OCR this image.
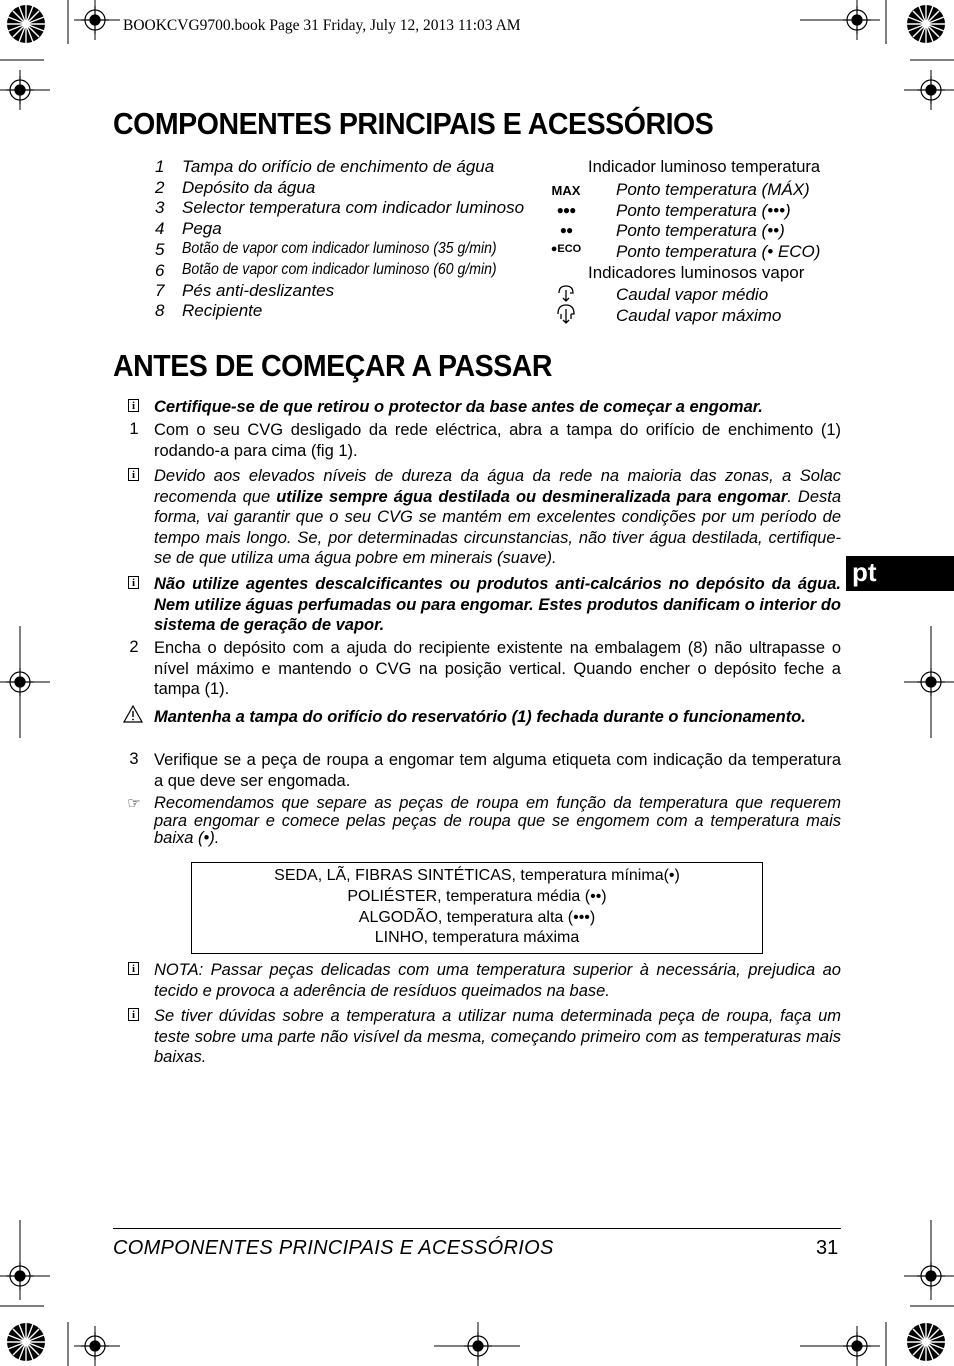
BOOKCVG9700.book Page 31 Friday, July 12, 2013 11:03 AM
COMPONENTES PRINCIPAIS E ACESSÓRIOS
1	Tampa do orifício de enchimento de água
2	Depósito da água
3	Selector temperatura com indicador luminoso
4	Pega
5	Botão de vapor com indicador luminoso (35 g/min)
6	Botão de vapor com indicador luminoso (60 g/min)
7	Pés anti-deslizantes
8	Recipiente
Indicador luminoso temperatura
MAX	Ponto temperatura (MÁX)
●●●	Ponto temperatura (•••)
●●	Ponto temperatura (••)
●ECO Ponto temperatura (• ECO)
Indicadores luminosos vapor
Caudal vapor médio
Caudal vapor máximo
ANTES DE COMEÇAR A PASSAR
i Certifique-se de que retirou o protector da base antes de começar a engomar.
1 Com o seu CVG desligado da rede eléctrica, abra a tampa do orifício de enchimento (1) rodando-a para cima (fig 1).
i Devido aos elevados níveis de dureza da água da rede na maioria das zonas, a Solac recomenda que utilize sempre água destilada ou desmineralizada para engomar. Desta forma, vai garantir que o seu CVG se mantém em excelentes condições por um período de tempo mais longo. Se, por determinadas circunstancias, não tiver água destilada, certifique-se de que utiliza uma água pobre em minerais (suave).
i Não utilize agentes descalcificantes ou produtos anti-calcários no depósito da água. Nem utilize águas perfumadas ou para engomar. Estes produtos danificam o interior do sistema de geração de vapor.
2 Encha o depósito com a ajuda do recipiente existente na embalagem (8) não ultrapasse o nível máximo e mantendo o CVG na posição vertical. Quando encher o depósito feche a tampa (1).
Mantenha a tampa do orifício do reservatório (1) fechada durante o funcionamento.
3 Verifique se a peça de roupa a engomar tem alguma etiqueta com indicação da temperatura a que deve ser engomada.
☞ Recomendamos que separe as peças de roupa em função da temperatura que requerem para engomar e comece pelas peças de roupa que se engomem com a temperatura mais baixa (•).
SEDA, LÃ, FIBRAS SINTÉTICAS, temperatura mínima(•)
POLIÉSTER, temperatura média (••)
ALGODÃO, temperatura alta (•••)
LINHO, temperatura máxima
i NOTA: Passar peças delicadas com uma temperatura superior à necessária, prejudica ao tecido e provoca a aderência de resíduos queimados na base.
i Se tiver dúvidas sobre a temperatura a utilizar numa determinada peça de roupa, faça um teste sobre uma parte não visível da mesma, começando primeiro com as temperaturas mais baixas.
pt
COMPONENTES PRINCIPAIS E ACESSÓRIOS	31
